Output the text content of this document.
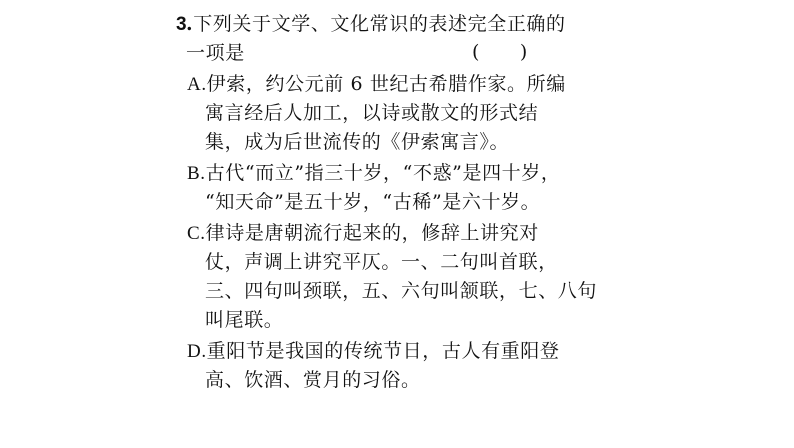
3.下列关于文学、文化常识的表述完全正确的
一项是	(      )
A.伊索，约公元前 6 世纪古希腊作家。所编
寓言经后人加工，以诗或散文的形式结
集，成为后世流传的《伊索寓言》。
B.古代“而立”指三十岁，“不惑”是四十岁，
“知天命”是五十岁，“古稀”是六十岁。
C.律诗是唐朝流行起来的，修辞上讲究对
仗，声调上讲究平仄。一、二句叫首联，
三、四句叫颈联，五、六句叫颔联，七、八句
叫尾联。
D.重阳节是我国的传统节日，古人有重阳登
高、饮酒、赏月的习俗。
